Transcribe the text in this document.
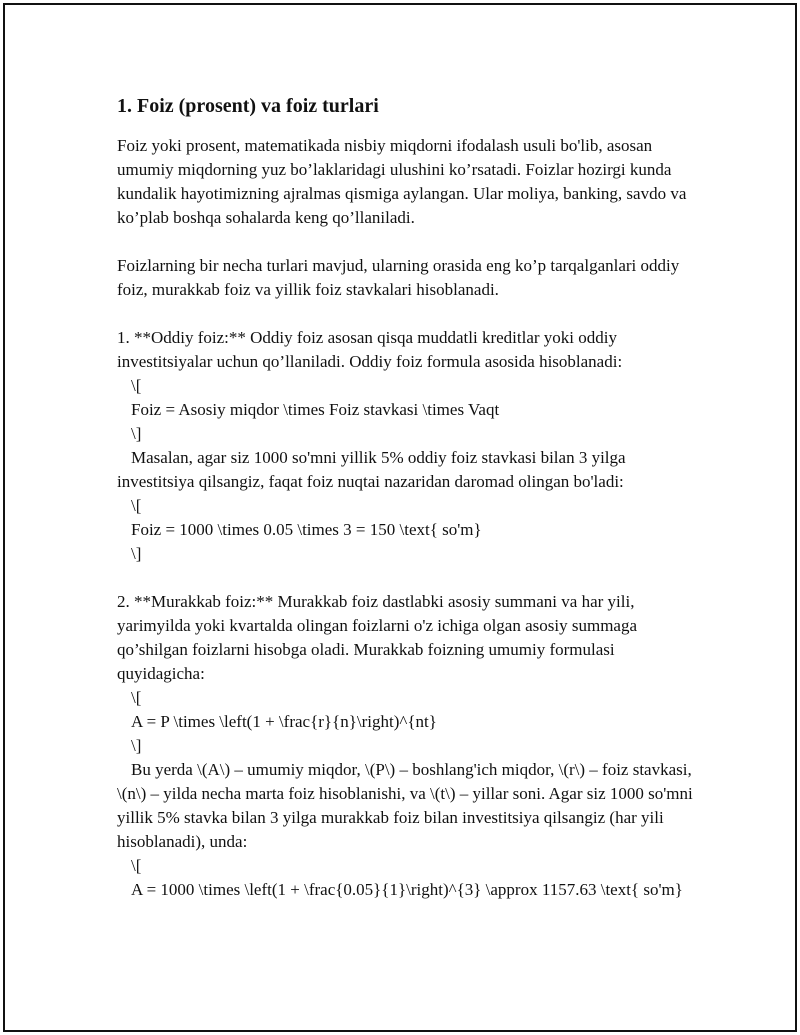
1. Foiz (prosent) va foiz turlari

Foiz yoki prosent, matematikada nisbiy miqdorni ifodalash usuli bo'lib, asosan umumiy miqdorning yuz bo’laklaridagi ulushini ko’rsatadi. Foizlar hozirgi kunda kundalik hayotimizning ajralmas qismiga aylangan. Ular moliya, banking, savdo va ko’plab boshqa sohalarda keng qo’llaniladi.

Foizlarning bir necha turlari mavjud, ularning orasida eng ko’p tarqalganlari oddiy foiz, murakkab foiz va yillik foiz stavkalari hisoblanadi.

1. **Oddiy foiz:** Oddiy foiz asosan qisqa muddatli kreditlar yoki oddiy investitsiyalar uchun qo’llaniladi. Oddiy foiz formula asosida hisoblanadi:

\[

Foiz = Asosiy miqdor \times Foiz stavkasi \times Vaqt

\]

Masalan, agar siz 1000 so'mni yillik 5% oddiy foiz stavkasi bilan 3 yilga investitsiya qilsangiz, faqat foiz nuqtai nazaridan daromad olingan bo'ladi:

\[

Foiz = 1000 \times 0.05 \times 3 = 150 \text{ so'm}

\]

2. **Murakkab foiz:** Murakkab foiz dastlabki asosiy summani va har yili, yarimyilda yoki kvartalda olingan foizlarni o'z ichiga olgan asosiy summaga qo’shilgan foizlarni hisobga oladi. Murakkab foizning umumiy formulasi quyidagicha:

\[

A = P \times \left(1 + \frac{r}{n}\right)^{nt}

\]

Bu yerda \(A\) – umumiy miqdor, \(P\) – boshlang'ich miqdor, \(r\) – foiz stavkasi, \(n\) – yilda necha marta foiz hisoblanishi, va \(t\) – yillar soni. Agar siz 1000 so'mni yillik 5% stavka bilan 3 yilga murakkab foiz bilan investitsiya qilsangiz (har yili hisoblanadi), unda:

\[

A = 1000 \times \left(1 + \frac{0.05}{1}\right)^{3} \approx 1157.63 \text{ so'm}
